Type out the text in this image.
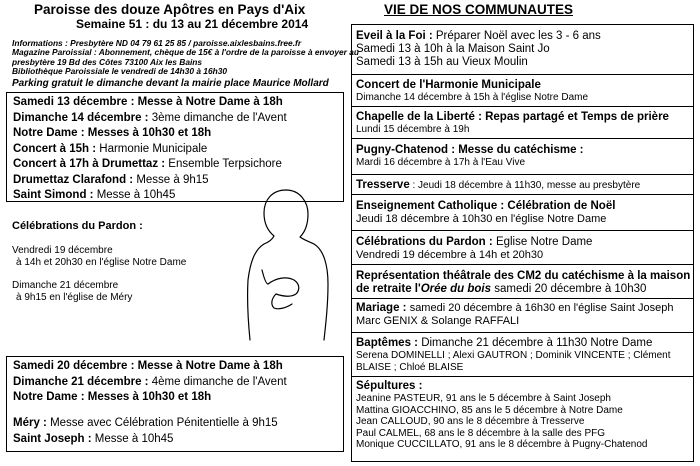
Paroisse des douze Apôtres en Pays d'Aix
Semaine 51 : du 13 au 21 décembre 2014
Informations : Presbytère ND 04 79 61 25 85 / paroisse.aixlesbains.free.fr
Magazine Paroissial : Abonnement, chèque de 15€ à l'ordre de la paroisse à envoyer au
presbytère 19 Bd des Côtes 73100 Aix les Bains
Bibliothèque Paroissiale le vendredi de 14h30 à 16h30
Parking gratuit le dimanche devant la mairie place Maurice Mollard
Samedi 13 décembre : Messe à Notre Dame à 18h
Dimanche 14 décembre : 3ème dimanche de l'Avent
Notre Dame : Messes à 10h30 et 18h
Concert à 15h : Harmonie Municipale
Concert à 17h à Drumettaz : Ensemble Terpsichore
Drumettaz Clarafond : Messe à 9h15
Saint Simond : Messe à 10h45
Célébrations du Pardon :
Vendredi 19 décembre
à 14h et 20h30 en l'église Notre Dame
Dimanche 21 décembre
à 9h15 en l'église de Méry
Samedi 20 décembre : Messe à Notre Dame à 18h
Dimanche 21 décembre : 4ème dimanche de l'Avent
Notre Dame : Messes à 10h30 et 18h
Méry : Messe avec Célébration Pénitentielle à 9h15
Saint Joseph : Messe à 10h45
VIE DE NOS COMMUNAUTES
Eveil à la Foi : Préparer Noël avec les 3 - 6 ans
Samedi 13 à 10h à la Maison Saint Jo
Samedi 13 à 15h au Vieux Moulin
Concert de l'Harmonie Municipale
Dimanche 14 décembre à 15h à l'église Notre Dame
Chapelle de la Liberté : Repas partagé et Temps de prière
Lundi 15 décembre à 19h
Pugny-Chatenod : Messe du catéchisme :
Mardi 16 décembre à 17h à l'Eau Vive
Tresserve : Jeudi 18 décembre à 11h30, messe au presbytère
Enseignement Catholique : Célébration de Noël
Jeudi 18 décembre à 10h30 en l'église Notre Dame
Célébrations du Pardon : Eglise Notre Dame
Vendredi 19 décembre à 14h et 20h30
Représentation théâtrale des CM2 du catéchisme à la maison
de retraite l'Orée du bois samedi 20 décembre à 10h30
Mariage : samedi 20 décembre à 16h30 en l'église Saint Joseph
Marc GENIX & Solange RAFFALI
Baptêmes : Dimanche 21 décembre à 11h30 Notre Dame
Serena DOMINELLI ; Alexi GAUTRON ; Dominik VINCENTE ; Clément
BLAISE ; Chloé BLAISE
Sépultures :
Jeanine PASTEUR, 91 ans le 5 décembre à Saint Joseph
Mattina GIOACCHINO, 85 ans le 5 décembre à Notre Dame
Jean CALLOUD, 90 ans le 8 décembre à Tresserve
Paul CALMEL, 68 ans le 8 décembre à la salle des PFG
Monique CUCCILLATO, 91 ans le 8 décembre à Pugny-Chatenod
